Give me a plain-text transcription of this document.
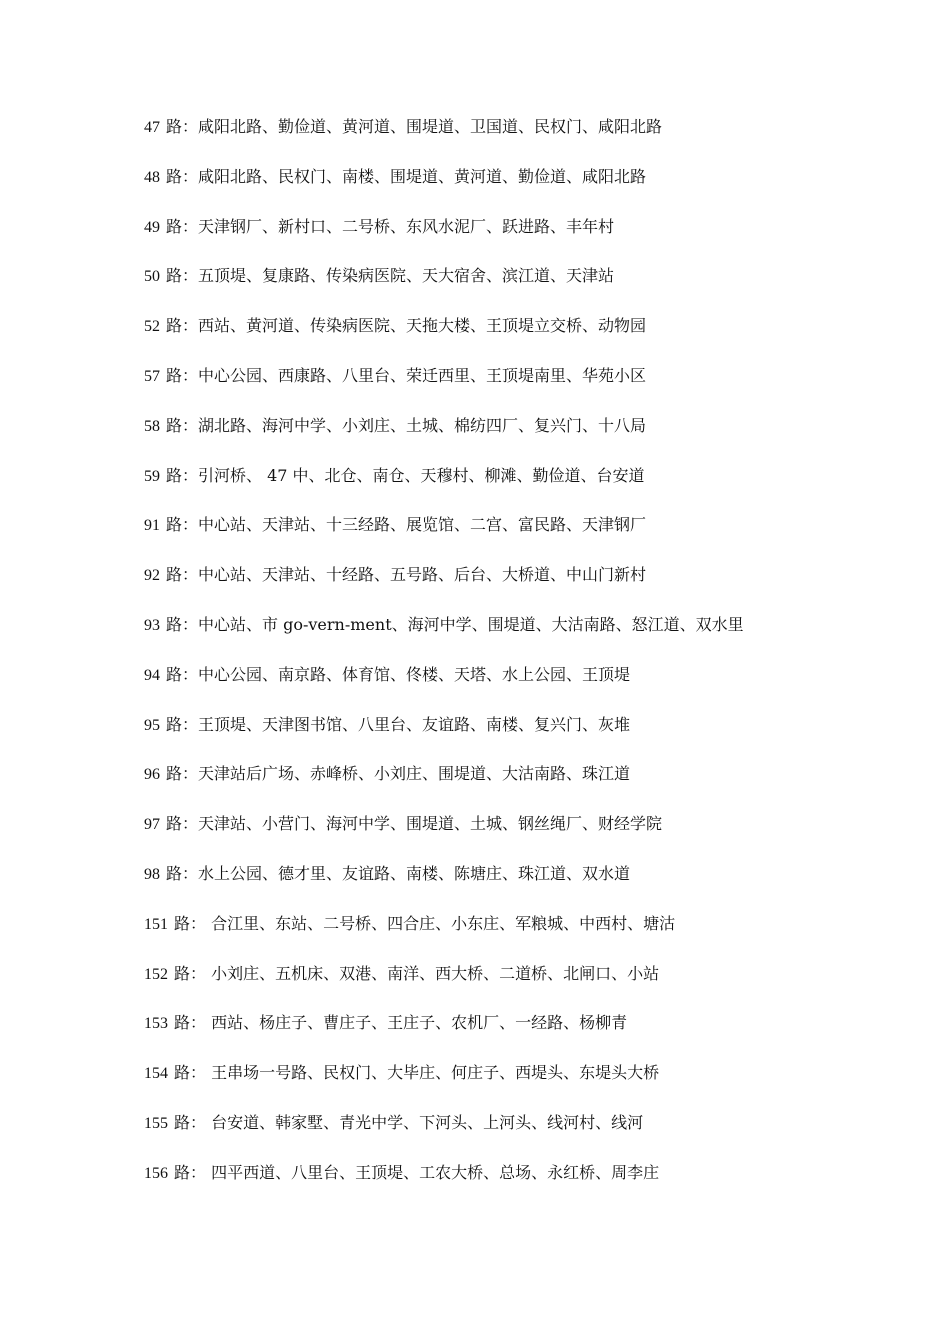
47 路：咸阳北路、勤俭道、黄河道、围堤道、卫国道、民权门、咸阳北路
48 路：咸阳北路、民权门、南楼、围堤道、黄河道、勤俭道、咸阳北路
49 路：天津钢厂、新村口、二号桥、东风水泥厂、跃进路、丰年村
50 路：五顶堤、复康路、传染病医院、天大宿舍、滨江道、天津站
52 路：西站、黄河道、传染病医院、天拖大楼、王顶堤立交桥、动物园
57 路：中心公园、西康路、八里台、荣迁西里、王顶堤南里、华苑小区
58 路：湖北路、海河中学、小刘庄、土城、棉纺四厂、复兴门、十八局
59 路：引河桥、 47 中、北仓、南仓、天穆村、柳滩、勤俭道、台安道
91 路：中心站、天津站、十三经路、展览馆、二宫、富民路、天津钢厂
92 路：中心站、天津站、十经路、五号路、后台、大桥道、中山门新村
93 路：中心站、市 go-vern-ment、海河中学、围堤道、大沽南路、怒江道、双水里
94 路：中心公园、南京路、体育馆、佟楼、天塔、水上公园、王顶堤
95 路：王顶堤、天津图书馆、八里台、友谊路、南楼、复兴门、灰堆
96 路：天津站后广场、赤峰桥、小刘庄、围堤道、大沽南路、珠江道
97 路：天津站、小营门、海河中学、围堤道、土城、钢丝绳厂、财经学院
98 路：水上公园、德才里、友谊路、南楼、陈塘庄、珠江道、双水道
151 路： 合江里、东站、二号桥、四合庄、小东庄、军粮城、中西村、塘沽
152 路： 小刘庄、五机床、双港、南洋、西大桥、二道桥、北闸口、小站
153 路： 西站、杨庄子、曹庄子、王庄子、农机厂、一经路、杨柳青
154 路： 王串场一号路、民权门、大毕庄、何庄子、西堤头、东堤头大桥
155 路： 台安道、韩家墅、青光中学、下河头、上河头、线河村、线河
156 路： 四平西道、八里台、王顶堤、工农大桥、总场、永红桥、周李庄
